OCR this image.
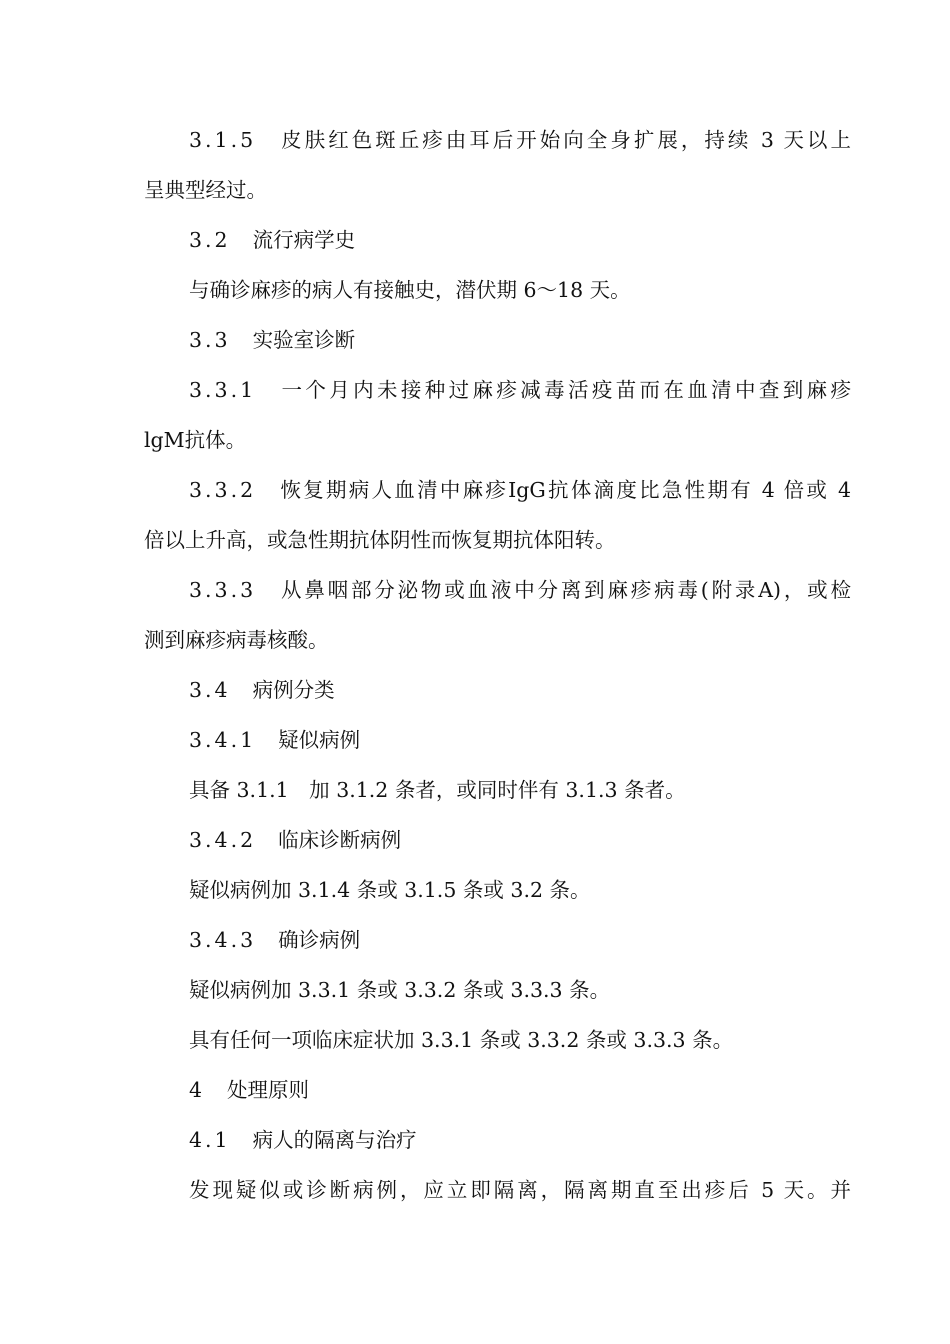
3.1.5 皮肤红色斑丘疹由耳后开始向全身扩展，持续 3 天以上
呈典型经过。
3.2 流行病学史
与确诊麻疹的病人有接触史，潜伏期 6～18 天。
3.3 实验室诊断
3.3.1 一个月内未接种过麻疹减毒活疫苗而在血清中查到麻疹
lgM抗体。
3.3.2 恢复期病人血清中麻疹IgG抗体滴度比急性期有 4 倍或 4
倍以上升高，或急性期抗体阴性而恢复期抗体阳转。
3.3.3 从鼻咽部分泌物或血液中分离到麻疹病毒(附录A)，或检
测到麻疹病毒核酸。
3.4 病例分类
3.4.1 疑似病例
具备 3.1.1　加 3.1.2 条者，或同时伴有 3.1.3 条者。
3.4.2 临床诊断病例
疑似病例加 3.1.4 条或 3.1.5 条或 3.2 条。
3.4.3 确诊病例
疑似病例加 3.3.1 条或 3.3.2 条或 3.3.3 条。
具有任何一项临床症状加 3.3.1 条或 3.3.2 条或 3.3.3 条。
4 处理原则
4.1 病人的隔离与治疗
发现疑似或诊断病例，应立即隔离，隔离期直至出疹后 5 天。并
